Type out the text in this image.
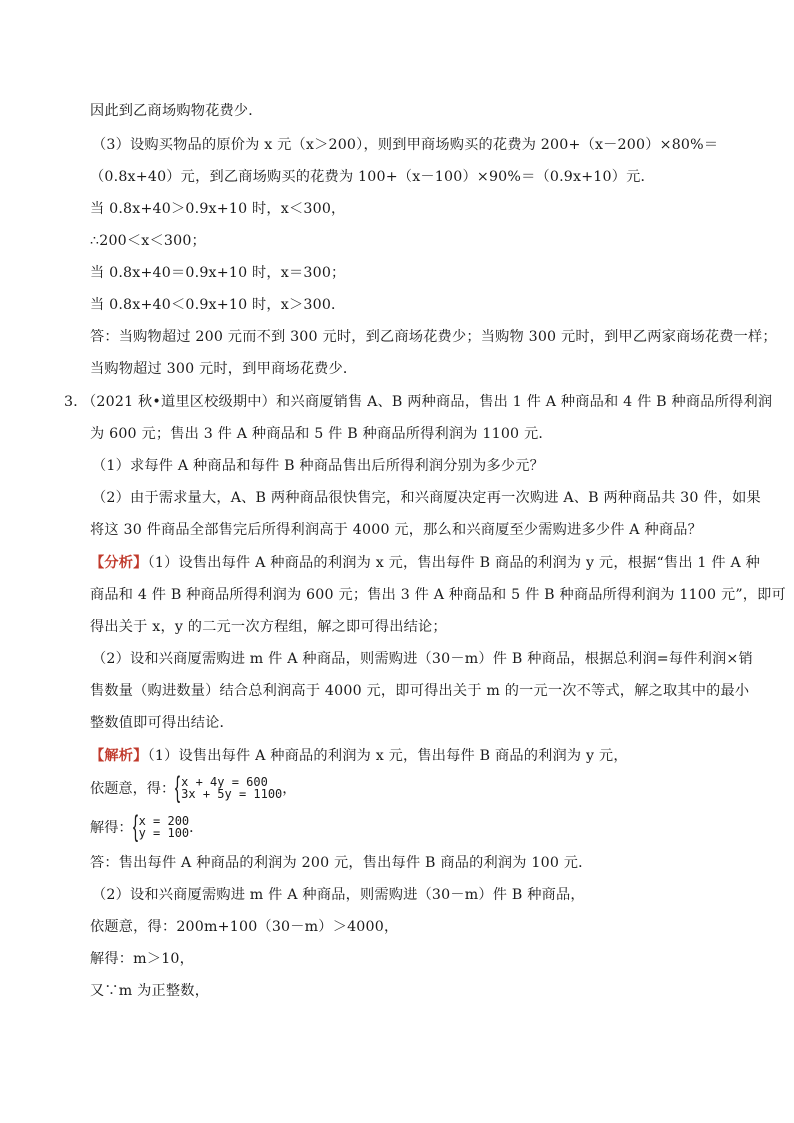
因此到乙商场购物花费少．
（3）设购买物品的原价为 x 元（x＞200），则到甲商场购买的花费为 200+（x－200）×80%＝
（0.8x+40）元，到乙商场购买的花费为 100+（x－100）×90%＝（0.9x+10）元．
当 0.8x+40＞0.9x+10 时，x＜300，
∴200＜x＜300；
当 0.8x+40＝0.9x+10 时，x＝300；
当 0.8x+40＜0.9x+10 时，x＞300．
答：当购物超过 200 元而不到 300 元时，到乙商场花费少；当购物 300 元时，到甲乙两家商场花费一样；
当购物超过 300 元时，到甲商场花费少．
3．
（2021 秋•道里区校级期中）和兴商厦销售 A、B 两种商品，售出 1 件 A 种商品和 4 件 B 种商品所得利润
为 600 元；售出 3 件 A 种商品和 5 件 B 种商品所得利润为 1100 元．
（1）求每件 A 种商品和每件 B 种商品售出后所得利润分别为多少元？
（2）由于需求量大，A、B 两种商品很快售完，和兴商厦决定再一次购进 A、B 两种商品共 30 件，如果
将这 30 件商品全部售完后所得利润高于 4000 元，那么和兴商厦至少需购进多少件 A 种商品？
【分析】（1）设售出每件 A 种商品的利润为 x 元，售出每件 B 商品的利润为 y 元，根据“售出 1 件 A 种
商品和 4 件 B 种商品所得利润为 600 元；售出 3 件 A 种商品和 5 件 B 种商品所得利润为 1100 元”，即可
得出关于 x，y 的二元一次方程组，解之即可得出结论；
（2）设和兴商厦需购进 m 件 A 种商品，则需购进（30－m）件 B 种商品，根据总利润=每件利润×销
售数量（购进数量）结合总利润高于 4000 元，即可得出关于 m 的一元一次不等式，解之取其中的最小
整数值即可得出结论．
【解析】（1）设售出每件 A 种商品的利润为 x 元，售出每件 B 商品的利润为 y 元，
依题意，得： { x + 4y = 600
3x + 5y = 1100 ，
解得： { x = 200
y = 100 ．
答：售出每件 A 种商品的利润为 200 元，售出每件 B 商品的利润为 100 元．
（2）设和兴商厦需购进 m 件 A 种商品，则需购进（30－m）件 B 种商品，
依题意，得：200m+100（30－m）＞4000，
解得：m＞10，
又∵m 为正整数，
